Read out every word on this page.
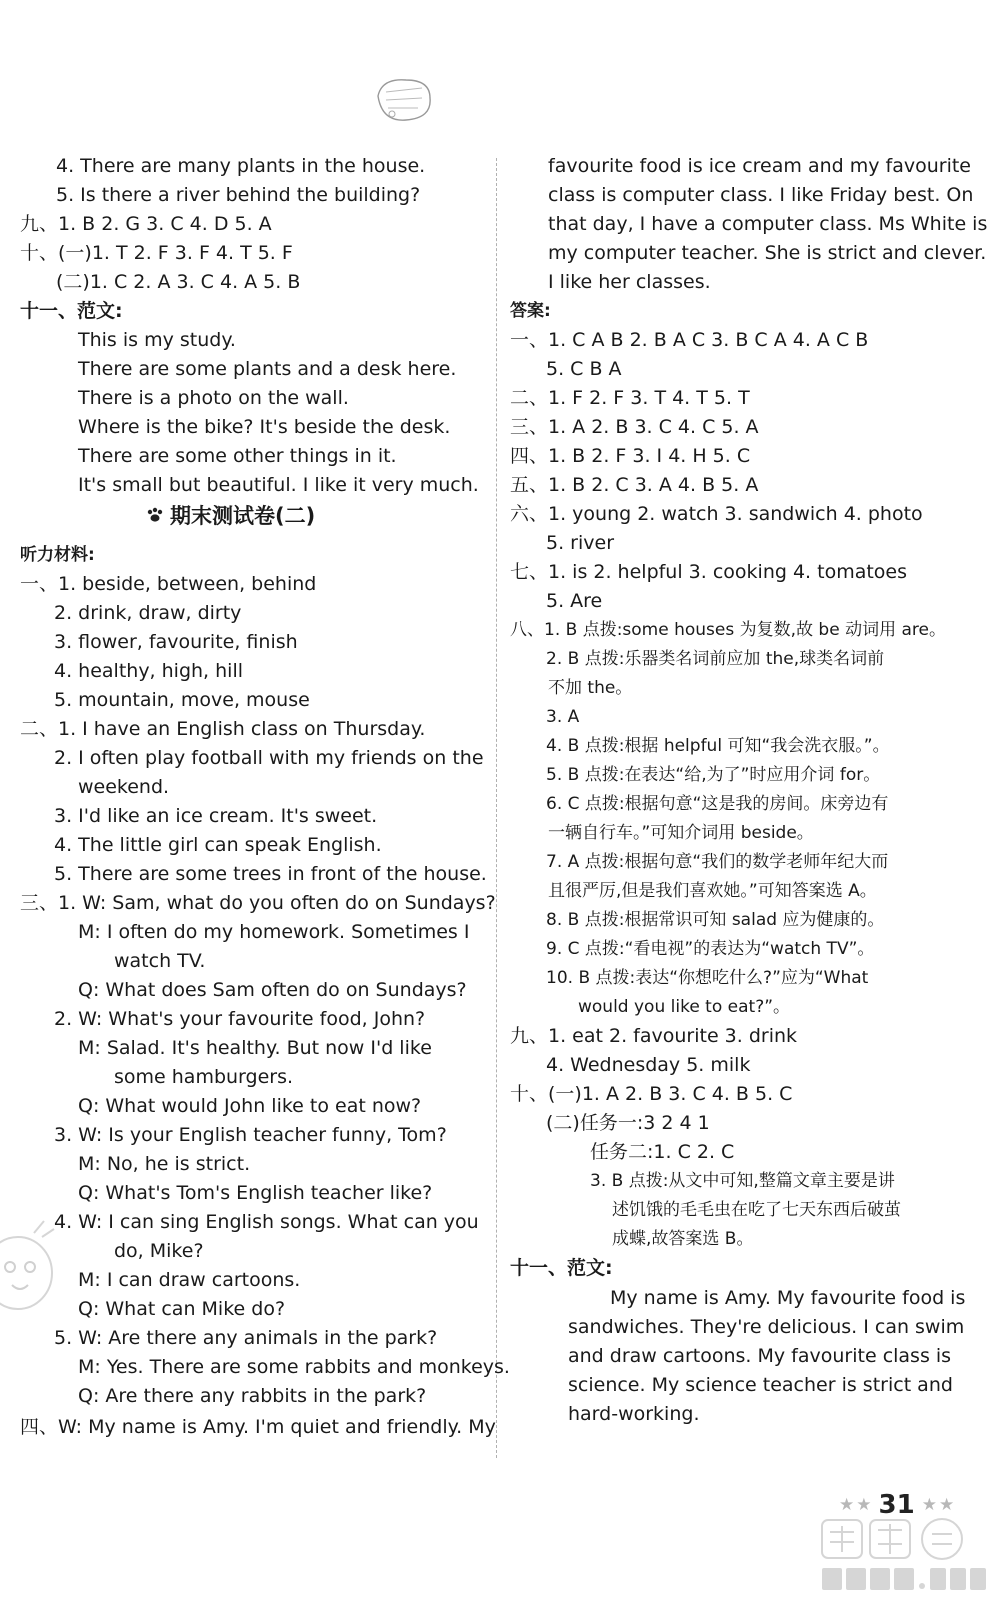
4. There are many plants in the house.
5. Is there a river behind the building?
九、1. B 2. G 3. C 4. D 5. A
十、(一)1. T 2. F 3. F 4. T 5. F
(二)1. C 2. A 3. C 4. A 5. B
十一、范文:
This is my study.
There are some plants and a desk here.
There is a photo on the wall.
Where is the bike? It's beside the desk.
There are some other things in it.
It's small but beautiful. I like it very much.
期末测试卷(二)
听力材料:
一、1. beside, between, behind
2. drink, draw, dirty
3. flower, favourite, finish
4. healthy, high, hill
5. mountain, move, mouse
二、1. I have an English class on Thursday.
2. I often play football with my friends on the
weekend.
3. I'd like an ice cream. It's sweet.
4. The little girl can speak English.
5. There are some trees in front of the house.
三、1. W: Sam, what do you often do on Sundays?
M: I often do my homework. Sometimes I
watch TV.
Q: What does Sam often do on Sundays?
2. W: What's your favourite food, John?
M: Salad. It's healthy. But now I'd like
some hamburgers.
Q: What would John like to eat now?
3. W: Is your English teacher funny, Tom?
M: No, he is strict.
Q: What's Tom's English teacher like?
4. W: I can sing English songs. What can you
do, Mike?
M: I can draw cartoons.
Q: What can Mike do?
5. W: Are there any animals in the park?
M: Yes. There are some rabbits and monkeys.
Q: Are there any rabbits in the park?
四、W: My name is Amy. I'm quiet and friendly. My
favourite food is ice cream and my favourite
class is computer class. I like Friday best. On
that day, I have a computer class. Ms White is
my computer teacher. She is strict and clever.
I like her classes.
答案:
一、1. C A B 2. B A C 3. B C A 4. A C B
5. C B A
二、1. F 2. F 3. T 4. T 5. T
三、1. A 2. B 3. C 4. C 5. A
四、1. B 2. F 3. I 4. H 5. C
五、1. B 2. C 3. A 4. B 5. A
六、1. young 2. watch 3. sandwich 4. photo
5. river
七、1. is 2. helpful 3. cooking 4. tomatoes
5. Are
八、1. B 点拨:some houses 为复数,故 be 动词用 are。
2. B 点拨:乐器类名词前应加 the,球类名词前
不加 the。
3. A
4. B 点拨:根据 helpful 可知“我会洗衣服。”。
5. B 点拨:在表达“给,为了”时应用介词 for。
6. C 点拨:根据句意“这是我的房间。床旁边有
一辆自行车。”可知介词用 beside。
7. A 点拨:根据句意“我们的数学老师年纪大而
且很严厉,但是我们喜欢她。”可知答案选 A。
8. B 点拨:根据常识可知 salad 应为健康的。
9. C 点拨:“看电视”的表达为“watch TV”。
10. B 点拨:表达“你想吃什么?”应为“What
would you like to eat?”。
九、1. eat 2. favourite 3. drink
4. Wednesday 5. milk
十、(一)1. A 2. B 3. C 4. B 5. C
(二)任务一:3 2 4 1
任务二:1. C 2. C
3. B 点拨:从文中可知,整篇文章主要是讲
述饥饿的毛毛虫在吃了七天东西后破茧
成蝶,故答案选 B。
十一、范文:
My name is Amy. My favourite food is
sandwiches. They're delicious. I can swim
and draw cartoons. My favourite class is
science. My science teacher is strict and
hard-working.
★ ★ 31 ★ ★
